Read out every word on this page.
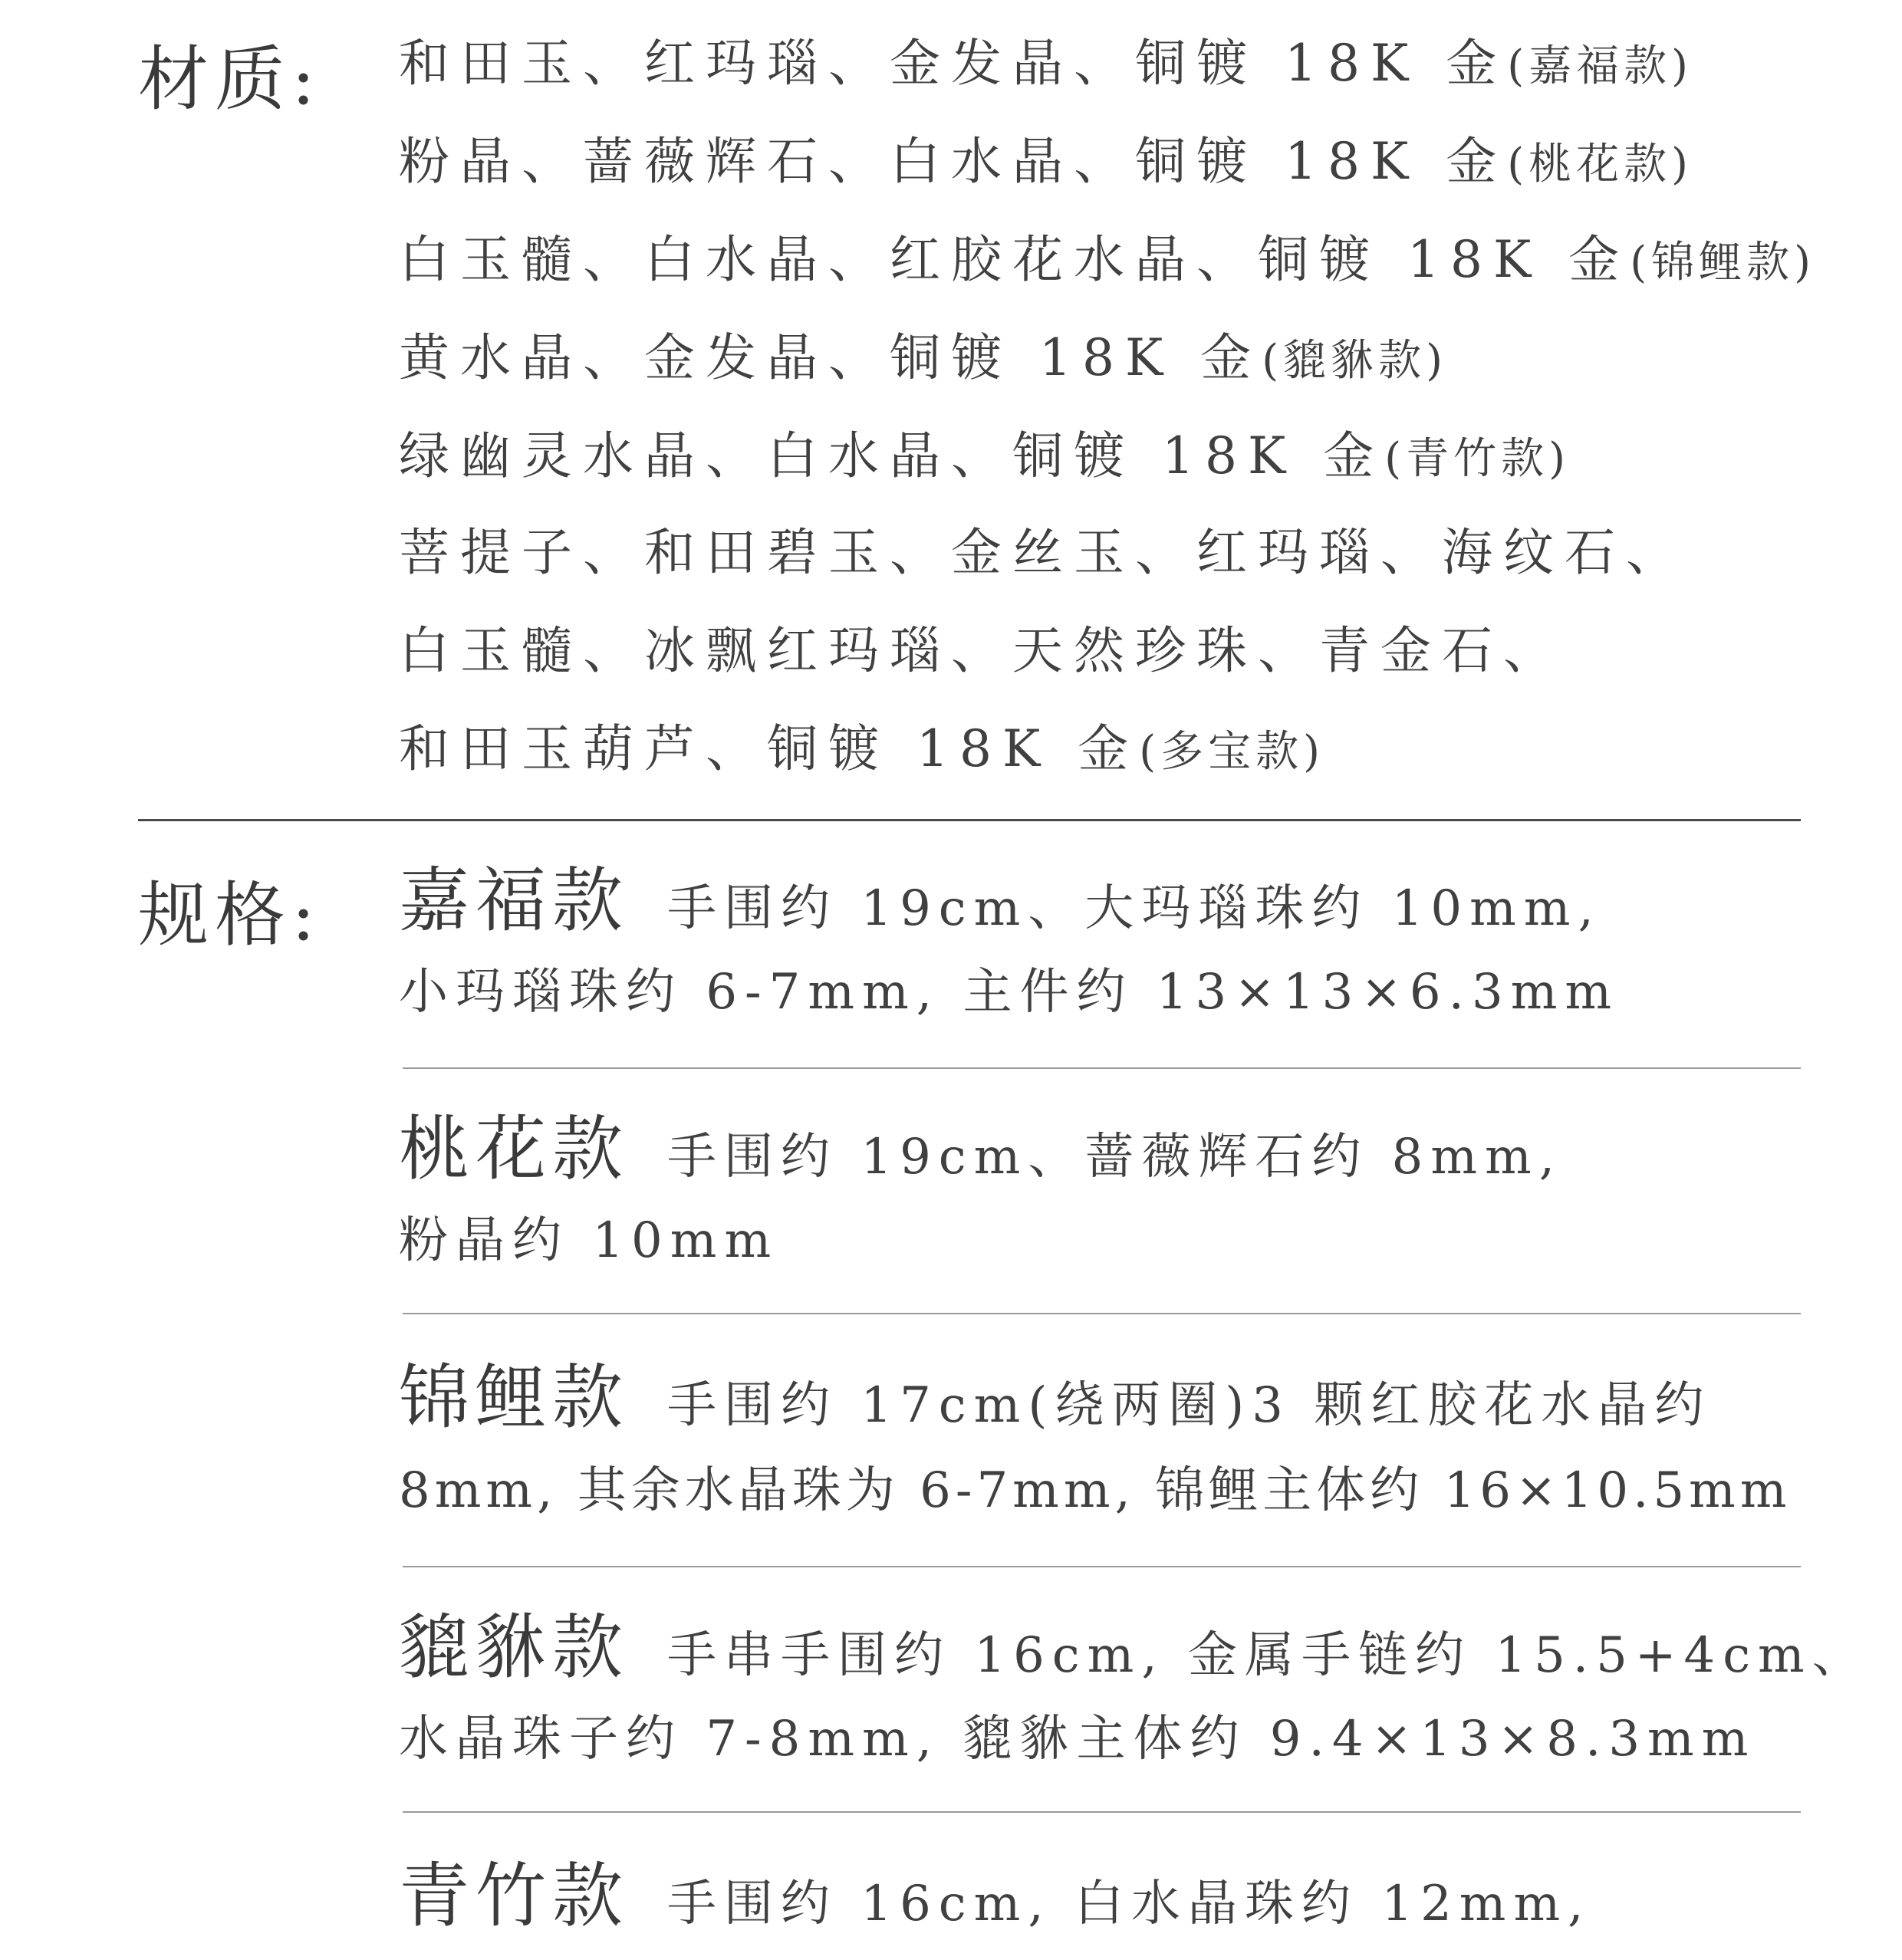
材质: 和田玉、红玛瑙、金发晶、铜镀 18K 金(嘉福款)
粉晶、蔷薇辉石、白水晶、铜镀 18K 金(桃花款)
白玉髓、白水晶、红胶花水晶、铜镀 18K 金(锦鲤款)
黄水晶、金发晶、铜镀 18K 金(貔貅款)
绿幽灵水晶、白水晶、铜镀 18K 金(青竹款)
菩提子、和田碧玉、金丝玉、红玛瑙、海纹石、
白玉髓、冰飘红玛瑙、天然珍珠、青金石、
和田玉葫芦、铜镀 18K 金(多宝款)
规格: 嘉福款 手围约 19cm、大玛瑙珠约 10mm,
小玛瑙珠约 6-7mm, 主件约 13×13×6.3mm
桃花款 手围约 19cm、蔷薇辉石约 8mm,
粉晶约 10mm
锦鲤款 手围约 17cm(绕两圈)3 颗红胶花水晶约
8mm, 其余水晶珠为 6-7mm, 锦鲤主体约 16×10.5mm
貔貅款 手串手围约 16cm, 金属手链约 15.5+4cm、
水晶珠子约 7-8mm, 貔貅主体约 9.4×13×8.3mm
青竹款 手围约 16cm, 白水晶珠约 12mm,
